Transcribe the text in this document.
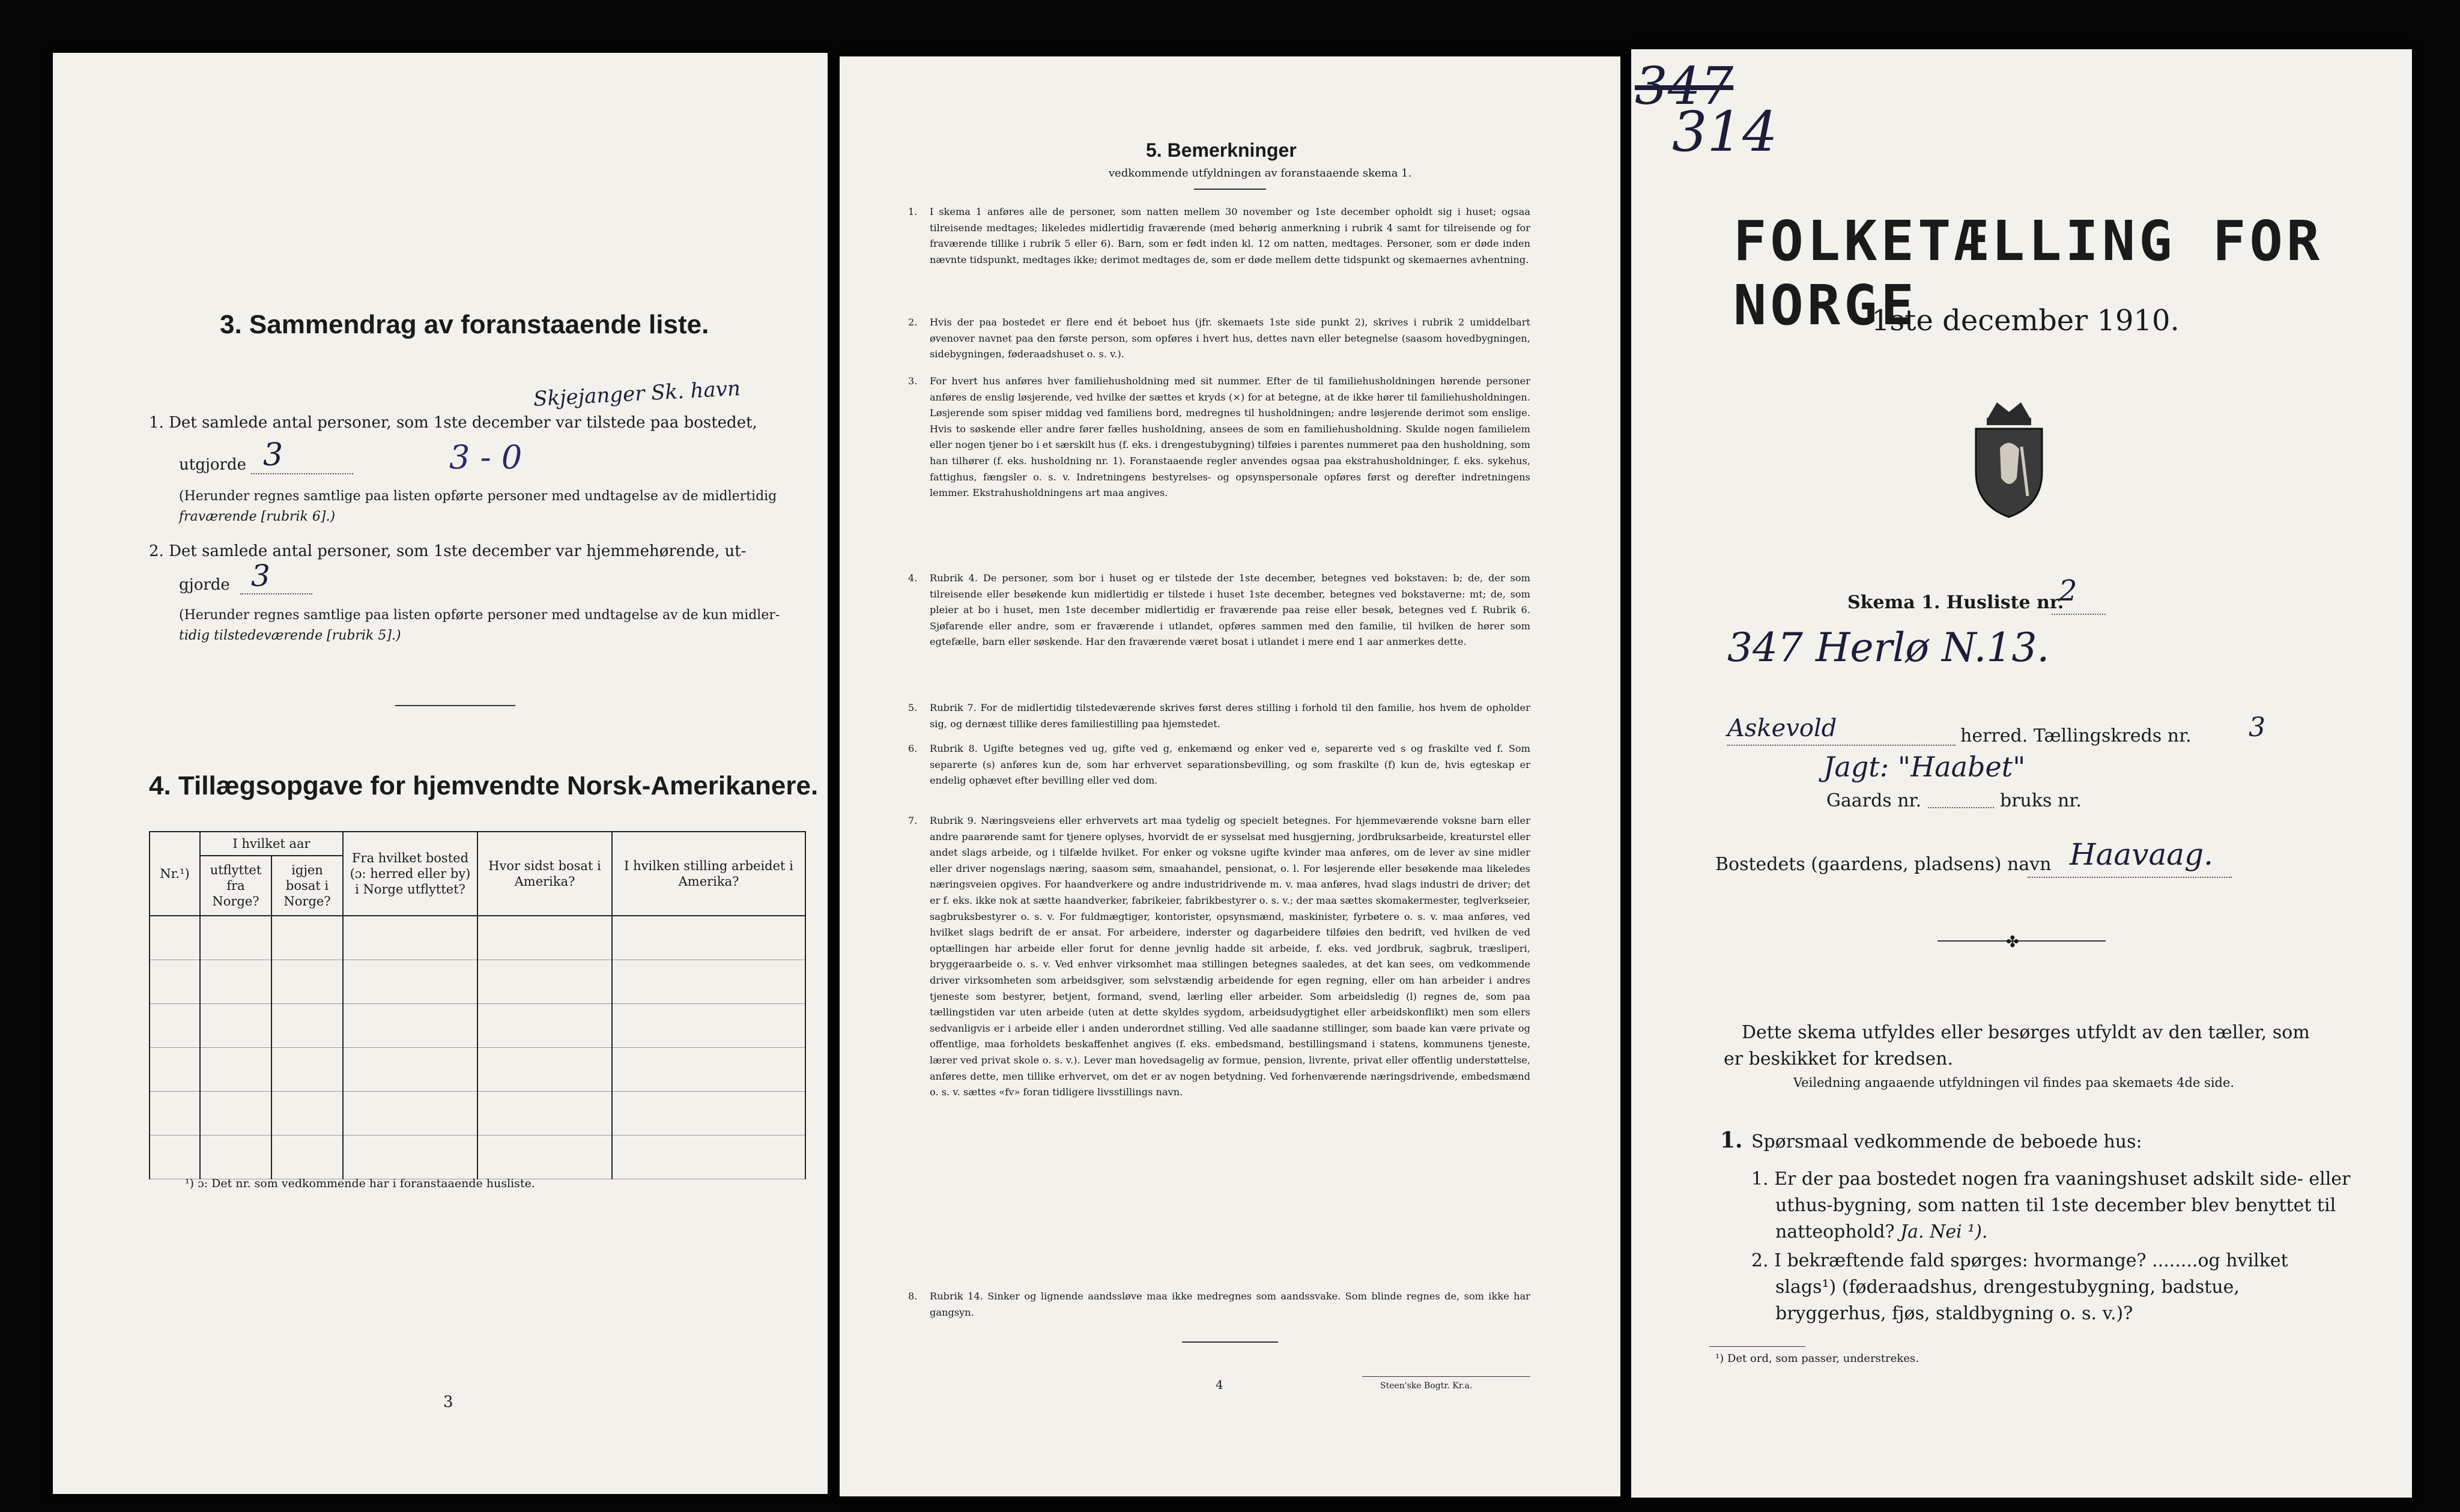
3. Sammendrag av foranstaaende liste.
Skjejanger Sk. havn
1. Det samlede antal personer, som 1ste december var tilstede paa bostedet,
utgjorde 3	3 - 0
(Herunder regnes samtlige paa listen opførte personer med undtagelse av de midlertidig
fraværende [rubrik 6].)
2. Det samlede antal personer, som 1ste december var hjemmehørende, ut-
gjorde 3
(Herunder regnes samtlige paa listen opførte personer med undtagelse av de kun midler-
tidig tilstedeværende [rubrik 5].)
4. Tillægsopgave for hjemvendte Norsk-Amerikanere.
Nr.¹)	I hvilket aar		Fra hvilket bosted (ɔ: herred eller by) i Norge utflyttet?	Hvor sidst bosat i Amerika?	I hvilken stilling arbeidet i Amerika?
	utflyttet fra Norge?	igjen bosat i Norge?			

¹) ɔ: Det nr. som vedkommende har i foranstaaende husliste.
3
5. Bemerkninger
vedkommende utfyldningen av foranstaaende skema 1.
1. I skema 1 anføres alle de personer, som natten mellem 30 november og 1ste december opholdt sig i huset; ogsaa tilreisende medtages; likeledes midlertidig fraværende (med behørig anmerkning i rubrik 4 samt for tilreisende og for fraværende tillike i rubrik 5 eller 6). Barn, som er født inden kl. 12 om natten, medtages. Personer, som er døde inden nævnte tidspunkt, medtages ikke; derimot medtages de, som er døde mellem dette tidspunkt og skemaernes avhentning.
2. Hvis der paa bostedet er flere end ét beboet hus (jfr. skemaets 1ste side punkt 2), skrives i rubrik 2 umiddelbart øvenover navnet paa den første person, som opføres i hvert hus, dettes navn eller betegnelse (saasom hovedbygningen, sidebygningen, føderaadshuset o. s. v.).
3. For hvert hus anføres hver familiehusholdning med sit nummer. Efter de til familiehusholdningen hørende personer anføres de enslig løsjerende, ved hvilke der sættes et kryds (×) for at betegne, at de ikke hører til familiehusholdningen. Løsjerende som spiser middag ved familiens bord, medregnes til husholdningen; andre løsjerende derimot som enslige. Hvis to søskende eller andre fører fælles husholdning, ansees de som en familiehusholdning. Skulde nogen familielem eller nogen tjener bo i et særskilt hus (f. eks. i drengestubygning) tilføies i parentes nummeret paa den husholdning, som han tilhører (f. eks. husholdning nr. 1). Foranstaaende regler anvendes ogsaa paa ekstrahusholdninger, f. eks. sykehus, fattighus, fængsler o. s. v. Indretningens bestyrelses- og opsynspersonale opføres først og derefter indretningens lemmer. Ekstrahusholdningens art maa angives.
4. Rubrik 4. De personer, som bor i huset og er tilstede der 1ste december, betegnes ved bokstaven: b; de, der som tilreisende eller besøkende kun midlertidig er tilstede i huset 1ste december, betegnes ved bokstaverne: mt; de, som pleier at bo i huset, men 1ste december midlertidig er fraværende paa reise eller besøk, betegnes ved f. Rubrik 6. Sjøfarende eller andre, som er fraværende i utlandet, opføres sammen med den familie, til hvilken de hører som egtefælle, barn eller søskende. Har den fraværende været bosat i utlandet i mere end 1 aar anmerkes dette.
5. Rubrik 7. For de midlertidig tilstedeværende skrives først deres stilling i forhold til den familie, hos hvem de opholder sig, og dernæst tillike deres familiestilling paa hjemstedet.
6. Rubrik 8. Ugifte betegnes ved ug, gifte ved g, enkemænd og enker ved e, separerte ved s og fraskilte ved f. Som separerte (s) anføres kun de, som har erhvervet separationsbevilling, og som fraskilte (f) kun de, hvis egteskap er endelig ophævet efter bevilling eller ved dom.
7. Rubrik 9. Næringsveiens eller erhvervets art maa tydelig og specielt betegnes. For hjemmeværende voksne barn eller andre paarørende samt for tjenere oplyses, hvorvidt de er sysselsat med husgjerning, jordbruksarbeide, kreaturstel eller andet slags arbeide, og i tilfælde hvilket. For enker og voksne ugifte kvinder maa anføres, om de lever av sine midler eller driver nogenslags næring, saasom søm, smaahandel, pensionat, o. l. For løsjerende eller besøkende maa likeledes næringsveien opgives. For haandverkere og andre industridrivende m. v. maa anføres, hvad slags industri de driver; det er f. eks. ikke nok at sætte haandverker, fabrikeier, fabrikbestyrer o. s. v.; der maa sættes skomakermester, teglverkseier, sagbruksbestyrer o. s. v. For fuldmægtiger, kontorister, opsynsmænd, maskinister, fyrbøtere o. s. v. maa anføres, ved hvilket slags bedrift de er ansat. For arbeidere, inderster og dagarbeidere tilføies den bedrift, ved hvilken de ved optællingen har arbeide eller forut for denne jevnlig hadde sit arbeide, f. eks. ved jordbruk, sagbruk, træsliperi, bryggeraarbeide o. s. v. Ved enhver virksomhet maa stillingen betegnes saaledes, at det kan sees, om vedkommende driver virksomheten som arbeidsgiver, som selvstændig arbeidende for egen regning, eller om han arbeider i andres tjeneste som bestyrer, betjent, formand, svend, lærling eller arbeider. Som arbeidsledig (l) regnes de, som paa tællingstiden var uten arbeide (uten at dette skyldes sygdom, arbeidsudygtighet eller arbeidskonflikt) men som ellers sedvanligvis er i arbeide eller i anden underordnet stilling. Ved alle saadanne stillinger, som baade kan være private og offentlige, maa forholdets beskaffenhet angives (f. eks. embedsmand, bestillingsmand i statens, kommunens tjeneste, lærer ved privat skole o. s. v.). Lever man hovedsagelig av formue, pension, livrente, privat eller offentlig understøttelse, anføres dette, men tillike erhvervet, om det er av nogen betydning. Ved forhenværende næringsdrivende, embedsmænd o. s. v. sættes «fv» foran tidligere livsstillings navn.
8. Rubrik 14. Sinker og lignende aandssløve maa ikke medregnes som aandssvake. Som blinde regnes de, som ikke har gangsyn.
4	Steen'ske Bogtr. Kr.a.
347
314
FOLKETÆLLING FOR NORGE
1ste december 1910.
Skema 1. Husliste nr.
2
347 Herlø N.13.
Askevold	herred. Tællingskreds nr. 3
Jagt: "Haabet"
Gaards nr.	bruks nr.
Bostedets (gaardens, pladsens) navn Haavaag.
✤
Dette skema utfyldes eller besørges utfyldt av den tæller, som er beskikket for kredsen.
Veiledning angaaende utfyldningen vil findes paa skemaets 4de side.
1. Spørsmaal vedkommende de beboede hus:
1. Er der paa bostedet nogen fra vaaningshuset adskilt side- eller uthus-bygning, som natten til 1ste december blev benyttet til natteophold? Ja. Nei ¹).
2. I bekræftende fald spørges: hvormange? ........og hvilket slags¹) (føderaadshus, drengestubygning, badstue, bryggerhus, fjøs, staldbygning o. s. v.)?
¹) Det ord, som passer, understrekes.
